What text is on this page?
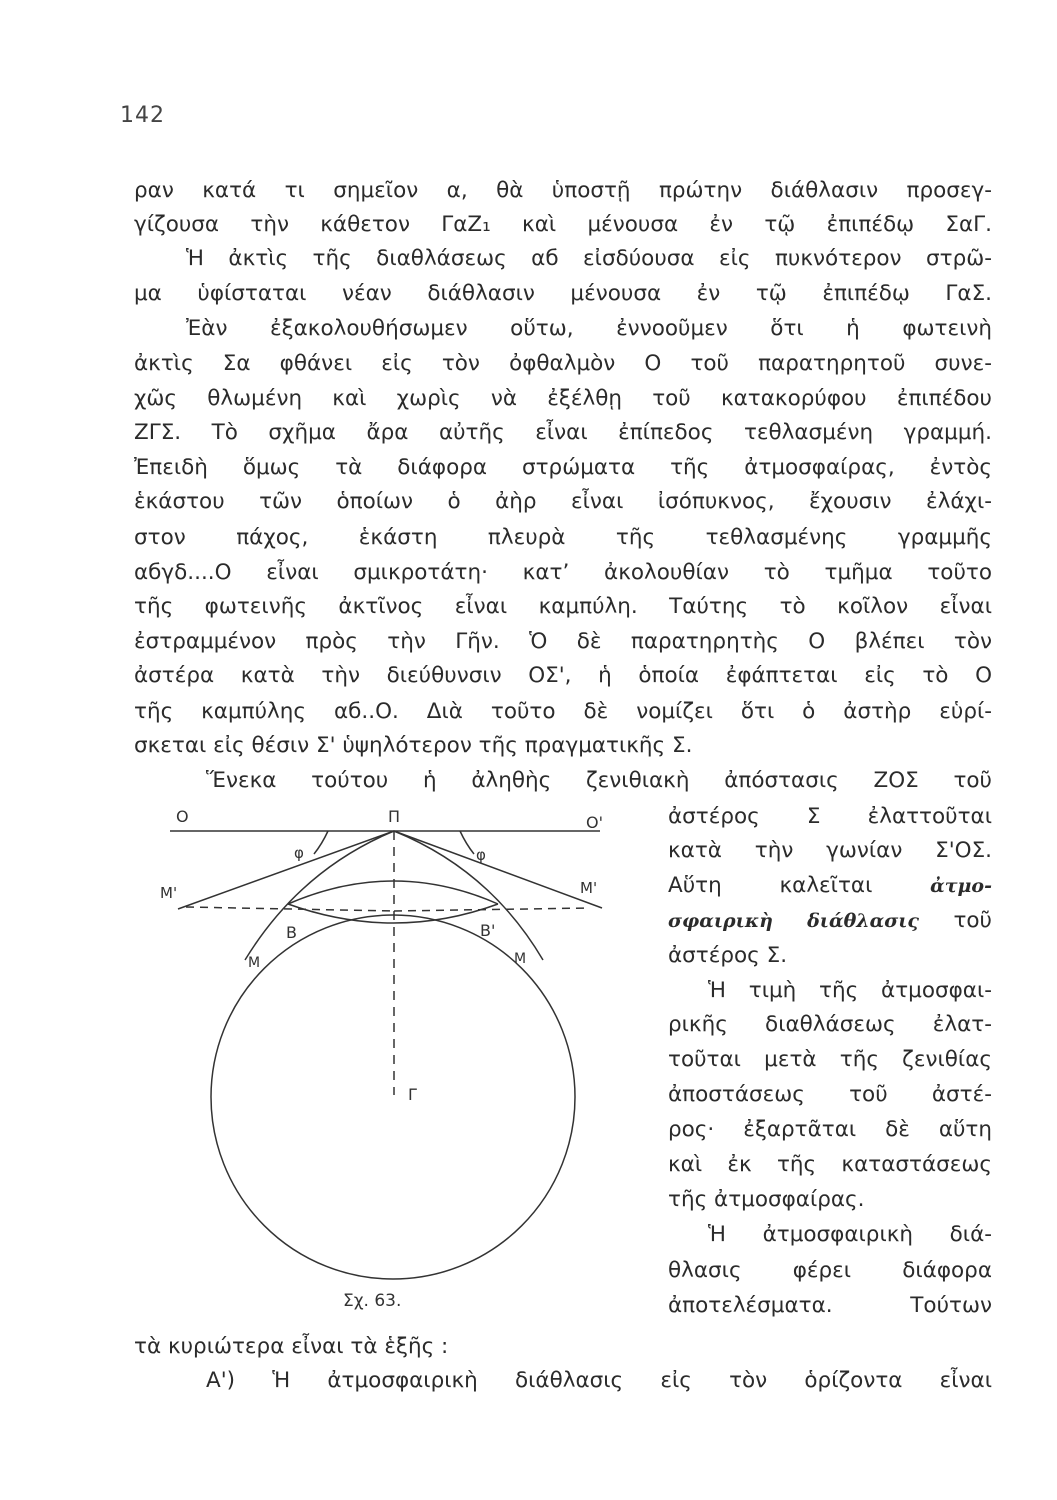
142
ραν κατά τι σημεῖον α, θὰ ὑποστῇ πρώτην διάθλασιν προσεγ-
γίζουσα τὴν κάθετον ΓαΖ₁ καὶ μένουσα ἐν τῷ ἐπιπέδῳ ΣαΓ.
Ἡ ἀκτὶς τῆς διαθλάσεως αб εἰσδύουσα εἰς πυκνότερον στρῶ-
μα ὑφίσταται νέαν διάθλασιν μένουσα ἐν τῷ ἐπιπέδῳ ΓαΣ.
Ἐὰν ἐξακολουθήσωμεν οὕτω, ἐννοοῦμεν ὅτι ἡ φωτεινὴ
ἀκτὶς Σα φθάνει εἰς τὸν ὀφθαλμὸν Ο τοῦ παρατηρητοῦ συνε-
χῶς θλωμένη καὶ χωρὶς νὰ ἐξέλθῃ τοῦ κατακορύφου ἐπιπέδου
ΖΓΣ. Τὸ σχῆμα ἄρα αὐτῆς εἶναι ἐπίπεδος τεθλασμένη γραμμή.
Ἐπειδὴ ὅμως τὰ διάφορα στρώματα τῆς ἀτμοσφαίρας, ἐντὸς
ἑκάστου τῶν ὁποίων ὁ ἀὴρ εἶναι ἰσόπυκνος, ἔχουσιν ἐλάχι-
στον πάχος, ἑκάστη πλευρὰ τῆς τεθλασμένης γραμμῆς
αбγδ....Ο εἶναι σμικροτάτη· κατ’ ἀκολουθίαν τὸ τμῆμα τοῦτο
τῆς φωτεινῆς ἀκτῖνος εἶναι καμπύλη. Ταύτης τὸ κοῖλον εἶναι
ἐστραμμένον πρὸς τὴν Γῆν. Ὁ δὲ παρατηρητὴς Ο βλέπει τὸν
ἀστέρα κατὰ τὴν διεύθυνσιν ΟΣ', ἡ ὁποία ἐφάπτεται εἰς τὸ Ο
τῆς καμπύλης αб..Ο. Διὰ τοῦτο δὲ νομίζει ὅτι ὁ ἀστὴρ εὑρί-
σκεται εἰς θέσιν Σ' ὑψηλότερον τῆς πραγματικῆς Σ.
Ἕνεκα τούτου ἡ ἀληθὴς ζενιθιακὴ ἀπόστασις ΖΟΣ τοῦ
ἀστέρος Σ ἐλαττοῦται
κατὰ τὴν γωνίαν Σ'ΟΣ.
Αὕτη καλεῖται	ἀτμο-
σφαιρικὴ διάθλασις τοῦ
ἀστέρος Σ.
Ἡ τιμὴ τῆς ἀτμοσφαι-
ρικῆς διαθλάσεως ἐλατ-
τοῦται μετὰ τῆς ζενιθίας
ἀποστάσεως τοῦ ἀστέ-
ρος· ἐξαρτᾶται δὲ αὕτη
καὶ ἐκ τῆς καταστάσεως
τῆς ἀτμοσφαίρας.
Ἡ ἀτμοσφαιρικὴ διά-
θλασις φέρει διάφορα
ἀποτελέσματα. Τούτων
τὰ κυριώτερα εἶναι τὰ ἑξῆς :
Α') Ἡ ἀτμοσφαιρικὴ διάθλασις εἰς τὸν ὁρίζοντα εἶναι
Ο	Π	Ο'
φ	φ
Μ'	Μ'
Β	Β'
Μ	Μ
Γ
Σχ. 63.
